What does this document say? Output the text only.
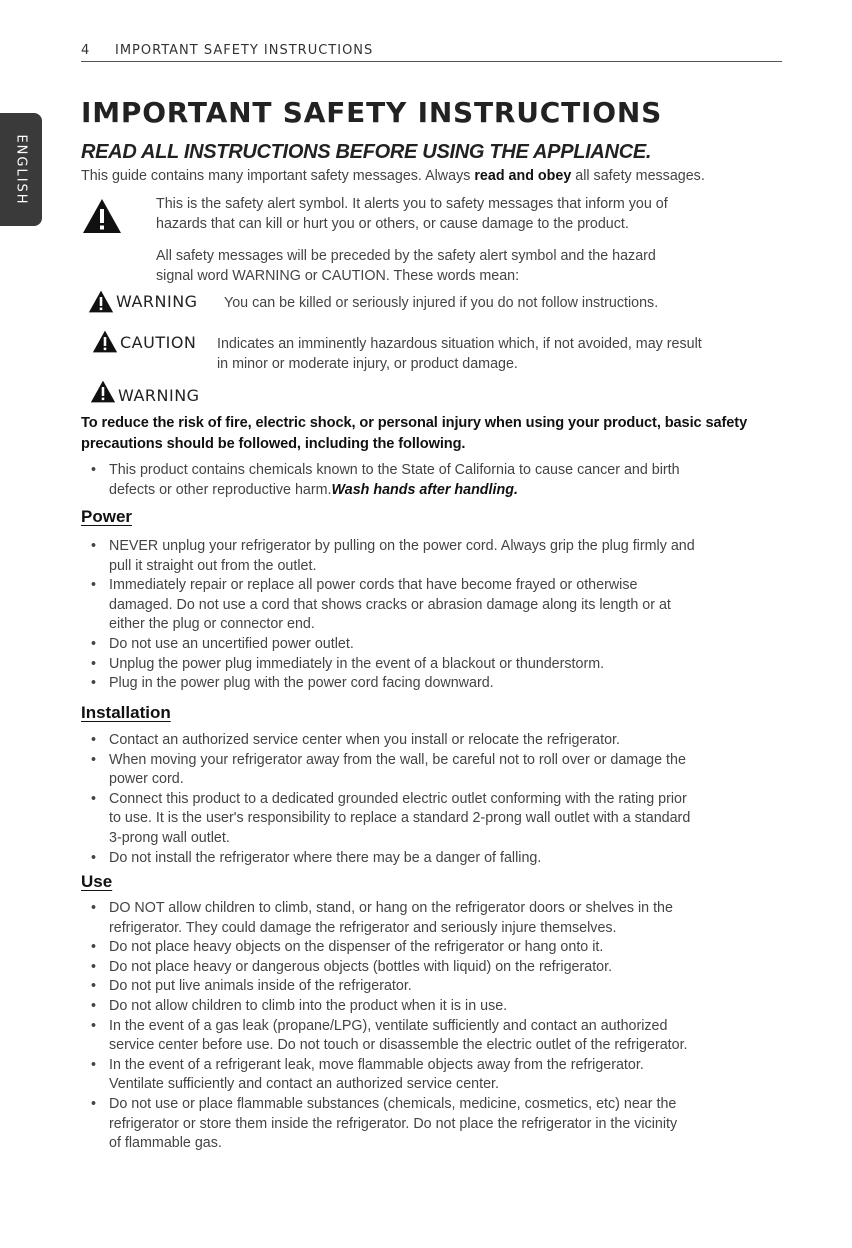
4 IMPORTANT SAFETY INSTRUCTIONS
ENGLISH
IMPORTANT SAFETY INSTRUCTIONS
READ ALL INSTRUCTIONS BEFORE USING THE APPLIANCE.
This guide contains many important safety messages. Always read and obey all safety messages.
This is the safety alert symbol. It alerts you to safety messages that inform you of
hazards that can kill or hurt you or others, or cause damage to the product.
All safety messages will be preceded by the safety alert symbol and the hazard
signal word WARNING or CAUTION. These words mean:
WARNING You can be killed or seriously injured if you do not follow instructions.
CAUTION Indicates an imminently hazardous situation which, if not avoided, may result
in minor or moderate injury, or product damage.
WARNING
To reduce the risk of fire, electric shock, or personal injury when using your product, basic safety precautions should be followed, including the following.
• This product contains chemicals known to the State of California to cause cancer and birth
defects or other reproductive harm.Wash hands after handling.
Power
• NEVER unplug your refrigerator by pulling on the power cord. Always grip the plug firmly and
pull it straight out from the outlet.
• Immediately repair or replace all power cords that have become frayed or otherwise
damaged. Do not use a cord that shows cracks or abrasion damage along its length or at
either the plug or connector end.
• Do not use an uncertified power outlet.
• Unplug the power plug immediately in the event of a blackout or thunderstorm.
• Plug in the power plug with the power cord facing downward.
Installation
• Contact an authorized service center when you install or relocate the refrigerator.
• When moving your refrigerator away from the wall, be careful not to roll over or damage the
power cord.
• Connect this product to a dedicated grounded electric outlet conforming with the rating prior
to use. It is the user's responsibility to replace a standard 2-prong wall outlet with a standard
3-prong wall outlet.
• Do not install the refrigerator where there may be a danger of falling.
Use
• DO NOT allow children to climb, stand, or hang on the refrigerator doors or shelves in the
refrigerator. They could damage the refrigerator and seriously injure themselves.
• Do not place heavy objects on the dispenser of the refrigerator or hang onto it.
• Do not place heavy or dangerous objects (bottles with liquid) on the refrigerator.
• Do not put live animals inside of the refrigerator.
• Do not allow children to climb into the product when it is in use.
• In the event of a gas leak (propane/LPG), ventilate sufficiently and contact an authorized
service center before use. Do not touch or disassemble the electric outlet of the refrigerator.
• In the event of a refrigerant leak, move flammable objects away from the refrigerator.
Ventilate sufficiently and contact an authorized service center.
• Do not use or place flammable substances (chemicals, medicine, cosmetics, etc) near the
refrigerator or store them inside the refrigerator. Do not place the refrigerator in the vicinity
of flammable gas.
